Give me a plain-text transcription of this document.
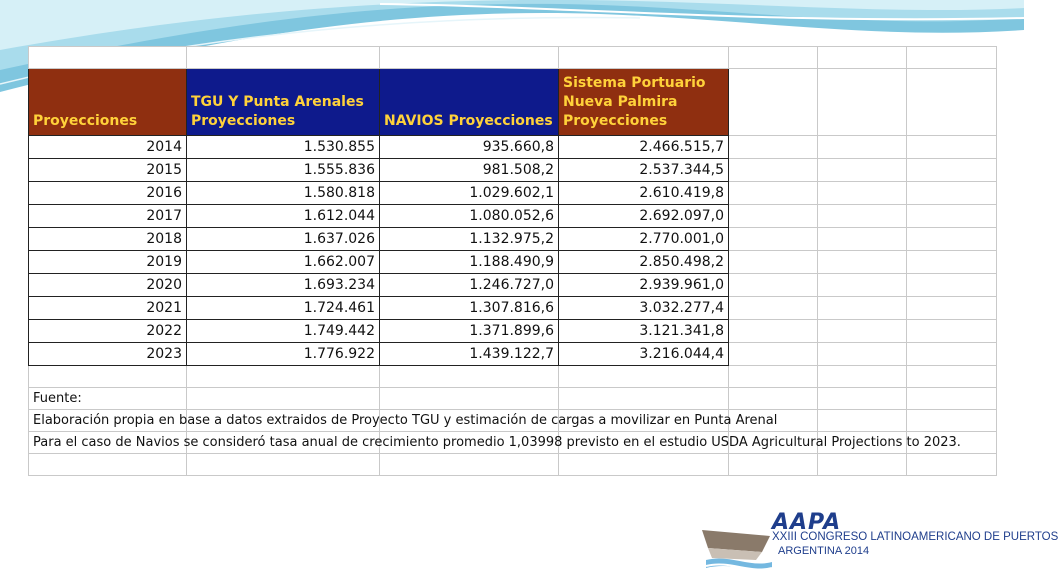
Proyecciones	TGU Y Punta Arenales Proyecciones	NAVIOS Proyecciones	Sistema Portuario Nueva Palmira Proyecciones			
2014	1.530.855	935.660,8	2.466.515,7			
2015	1.555.836	981.508,2	2.537.344,5			
2016	1.580.818	1.029.602,1	2.610.419,8			
2017	1.612.044	1.080.052,6	2.692.097,0			
2018	1.637.026	1.132.975,2	2.770.001,0			
2019	1.662.007	1.188.490,9	2.850.498,2			
2020	1.693.234	1.246.727,0	2.939.961,0			
2021	1.724.461	1.307.816,6	3.032.277,4			
2022	1.749.442	1.371.899,6	3.121.341,8			
2023	1.776.922	1.439.122,7	3.216.044,4			

Fuente:						
Elaboración propia en base a datos extraidos de Proyecto TGU y estimación de cargas a movilizar en Punta Arenal						
Para el caso de Navios se consideró tasa anual de crecimiento promedio 1,03998 previsto en el estudio USDA Agricultural Projections to 2023.						

AAPA
XXIII CONGRESO LATINOAMERICANO DE PUERTOS
ARGENTINA 2014
